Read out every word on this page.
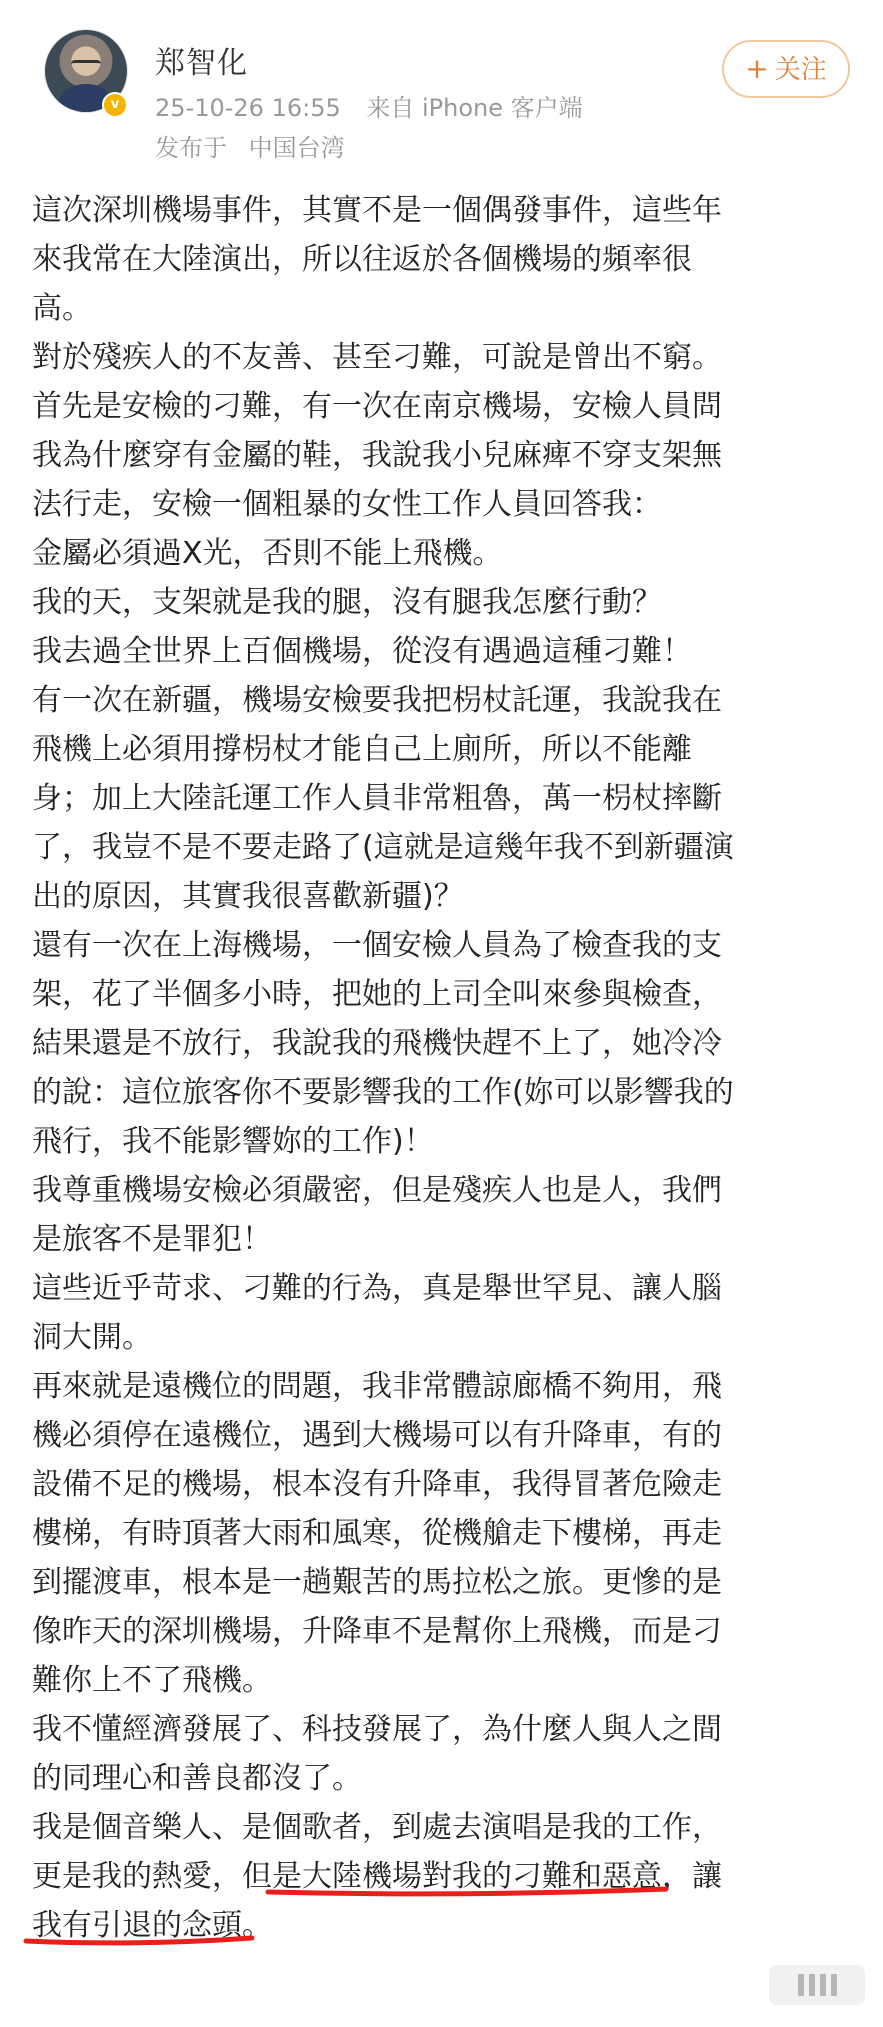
v
郑智化
25-10-26 16:55 来自 iPhone 客户端
发布于 中国台湾
+ 关注

這次深圳機場事件，其實不是一個偶發事件，這些年

來我常在大陸演出，所以往返於各個機場的頻率很

高。

對於殘疾人的不友善、甚至刁難，可說是曾出不窮。

首先是安檢的刁難，有一次在南京機場，安檢人員問

我為什麼穿有金屬的鞋，我說我小兒麻痺不穿支架無

法行走，安檢一個粗暴的女性工作人員回答我：

金屬必須過X光，否則不能上飛機。

我的天，支架就是我的腿，沒有腿我怎麼行動？

我去過全世界上百個機場，從沒有遇過這種刁難！

有一次在新疆，機場安檢要我把枴杖託運，我說我在

飛機上必須用撐枴杖才能自己上廁所，所以不能離

身；加上大陸託運工作人員非常粗魯，萬一枴杖摔斷

了，我豈不是不要走路了(這就是這幾年我不到新疆演

出的原因，其實我很喜歡新疆)？

還有一次在上海機場，一個安檢人員為了檢查我的支

架，花了半個多小時，把她的上司全叫來參與檢查，

結果還是不放行，我說我的飛機快趕不上了，她冷冷

的說：這位旅客你不要影響我的工作(妳可以影響我的

飛行，我不能影響妳的工作)！

我尊重機場安檢必須嚴密，但是殘疾人也是人，我們

是旅客不是罪犯！

這些近乎苛求、刁難的行為，真是舉世罕見、讓人腦

洞大開。

再來就是遠機位的問題，我非常體諒廊橋不夠用，飛

機必須停在遠機位，遇到大機場可以有升降車，有的

設備不足的機場，根本沒有升降車，我得冒著危險走

樓梯，有時頂著大雨和風寒，從機艙走下樓梯，再走

到擺渡車，根本是一趟艱苦的馬拉松之旅。更慘的是

像昨天的深圳機場，升降車不是幫你上飛機，而是刁

難你上不了飛機。

我不懂經濟發展了、科技發展了，為什麼人與人之間

的同理心和善良都沒了。

我是個音樂人、是個歌者，到處去演唱是我的工作，

更是我的熱愛，但是大陸機場對我的刁難和惡意，讓

我有引退的念頭。
